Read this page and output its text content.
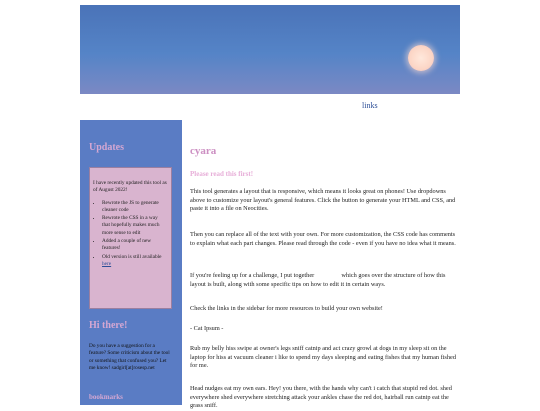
links
Updates

I have recently updated this tool as of August 2022!

• Rewrote the JS to generate cleaner code
• Rewrote the CSS in a way that hopefully makes much more sense to edit
• Added a couple of new features!
• Old version is still available here
Hi there!
Do you have a suggestion for a feature? Some criticism about the tool or something that confused you? Let me know! sadgirl[at]rosesp.net
bookmarks
cyara
Please read this first!

This tool generates a layout that is responsive, which means it looks great on phones! Use dropdowns above to customize your layout's general features. Click the button to generate your HTML and CSS, and paste it into a file on Neocities.

Then you can replace all of the text with your own. For more customization, the CSS code has comments to explain what each part changes. Please read through the code - even if you have no idea what it means.

If you're feeling up for a challenge, I put together	which goes over the structure of how this layout is built, along with some specific tips on how to edit it in certain ways.

Check the links in the sidebar for more resources to build your own website!

- Cat Ipsum -

Rub my belly hiss swipe at owner's legs sniff catnip and act crazy growl at dogs in my sleep sit on the laptop for hiss at vacuum cleaner i like to spend my days sleeping and eating fishes that my human fished for me.

Head nudges eat my own ears. Hey! you there, with the hands why can't i catch that stupid red dot. shed everywhere shed everywhere stretching attack your ankles chase the red dot, hairball run catnip eat the grass sniff.
